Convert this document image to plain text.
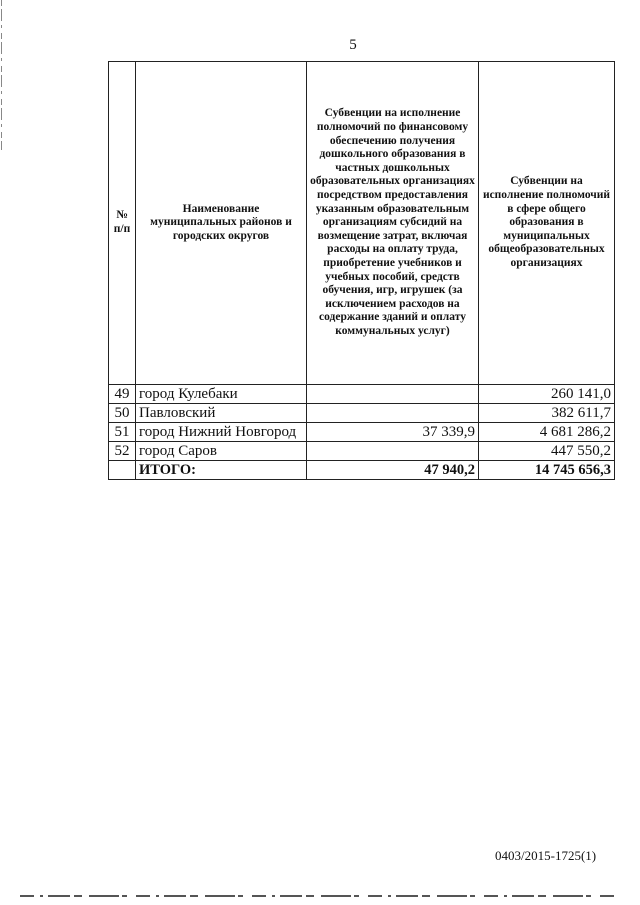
5
№ п/п	Наименование муниципальных районов и городских округов	Субвенции на исполнение полномочий по финансовому обеспечению получения дошкольного образования в частных дошкольных образовательных организациях посредством предоставления указанным образовательным организациям субсидий на возмещение затрат, включая расходы на оплату труда, приобретение учебников и учебных пособий, средств обучения, игр, игрушек (за исключением расходов на содержание зданий и оплату коммунальных услуг)	Субвенции на исполнение полномочий в сфере общего образования в муниципальных общеобразовательных организациях
49	город Кулебаки		260 141,0
50	Павловский		382 611,7
51	город Нижний Новгород	37 339,9	4 681 286,2
52	город Саров		447 550,2
	ИТОГО:	47 940,2	14 745 656,3
0403/2015-1725(1)
